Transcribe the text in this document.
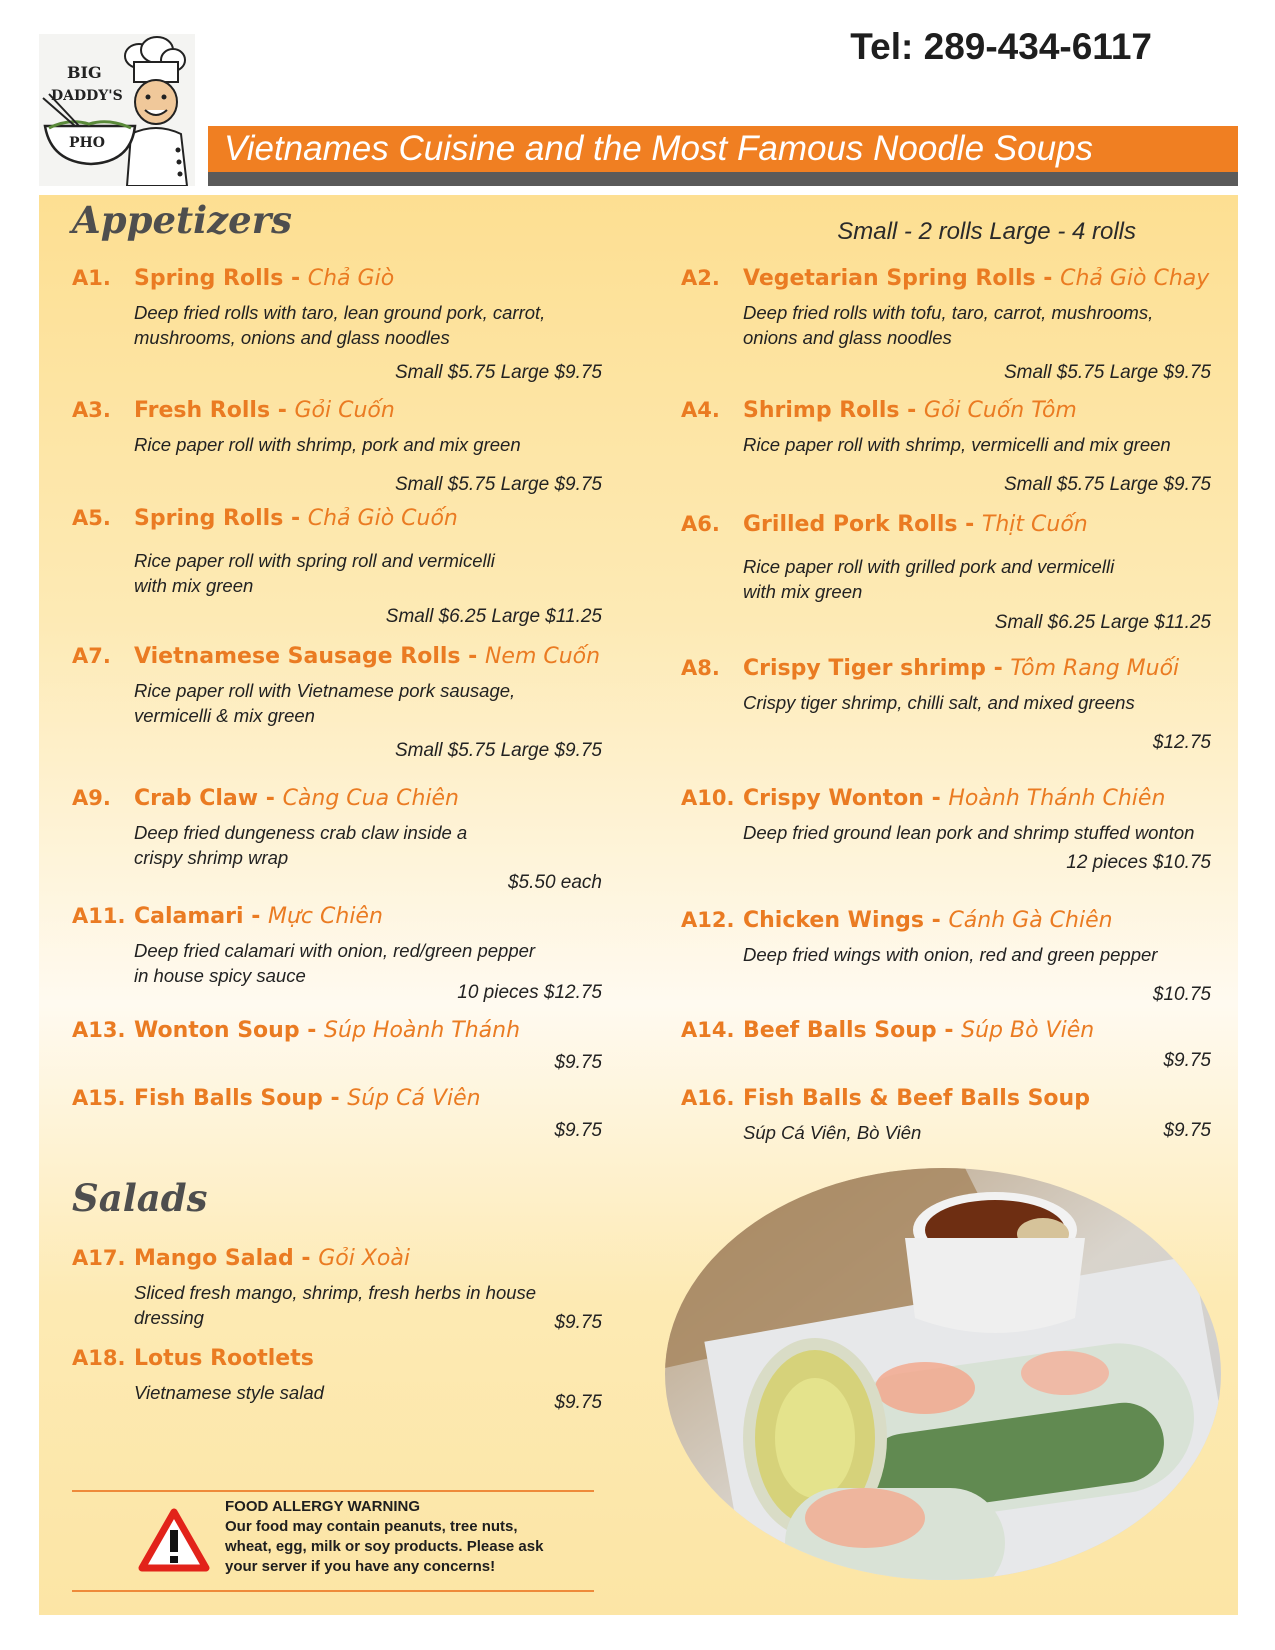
BIG
DADDY'S
PHO
Tel: 289-434-6117
Vietnames Cuisine and the Most Famous Noodle Soups
Appetizers	Small - 2 rolls Large - 4 rolls
A1. Spring Rolls - Chả Giò
Deep fried rolls with taro, lean ground pork, carrot,
mushrooms, onions and glass noodles
Small $5.75 Large $9.75
A2. Vegetarian Spring Rolls - Chả Giò Chay
Deep fried rolls with tofu, taro, carrot, mushrooms,
onions and glass noodles
Small $5.75 Large $9.75
A3. Fresh Rolls - Gỏi Cuốn
Rice paper roll with shrimp, pork and mix green
Small $5.75 Large $9.75
A4. Shrimp Rolls - Gỏi Cuốn Tôm
Rice paper roll with shrimp, vermicelli and mix green
Small $5.75 Large $9.75
A5. Spring Rolls - Chả Giò Cuốn
Rice paper roll with spring roll and vermicelli
with mix green
Small $6.25 Large $11.25
A6. Grilled Pork Rolls - Thịt Cuốn
Rice paper roll with grilled pork and vermicelli
with mix green
Small $6.25 Large $11.25
A7. Vietnamese Sausage Rolls - Nem Cuốn
Rice paper roll with Vietnamese pork sausage,
vermicelli & mix green
Small $5.75 Large $9.75
A8. Crispy Tiger shrimp - Tôm Rang Muối
Crispy tiger shrimp, chilli salt, and mixed greens
$12.75
A9. Crab Claw - Càng Cua Chiên
Deep fried dungeness crab claw inside a
crispy shrimp wrap
$5.50 each
A10. Crispy Wonton - Hoành Thánh Chiên
Deep fried ground lean pork and shrimp stuffed wonton
12 pieces $10.75
A11. Calamari - Mực Chiên
Deep fried calamari with onion, red/green pepper
in house spicy sauce
10 pieces $12.75
A12. Chicken Wings - Cánh Gà Chiên
Deep fried wings with onion, red and green pepper
$10.75
A13. Wonton Soup - Súp Hoành Thánh
$9.75
A14. Beef Balls Soup - Súp Bò Viên
$9.75
A15. Fish Balls Soup - Súp Cá Viên
$9.75
A16. Fish Balls & Beef Balls Soup
Súp Cá Viên, Bò Viên	$9.75
A17. Mango Salad - Gỏi Xoài
Sliced fresh mango, shrimp, fresh herbs in house dressing	$9.75
A18. Lotus Rootlets
Vietnamese style salad	$9.75
Salads
FOOD ALLERGY WARNING
Our food may contain peanuts, tree nuts, wheat, egg, milk or soy products. Please ask your server if you have any concerns!
